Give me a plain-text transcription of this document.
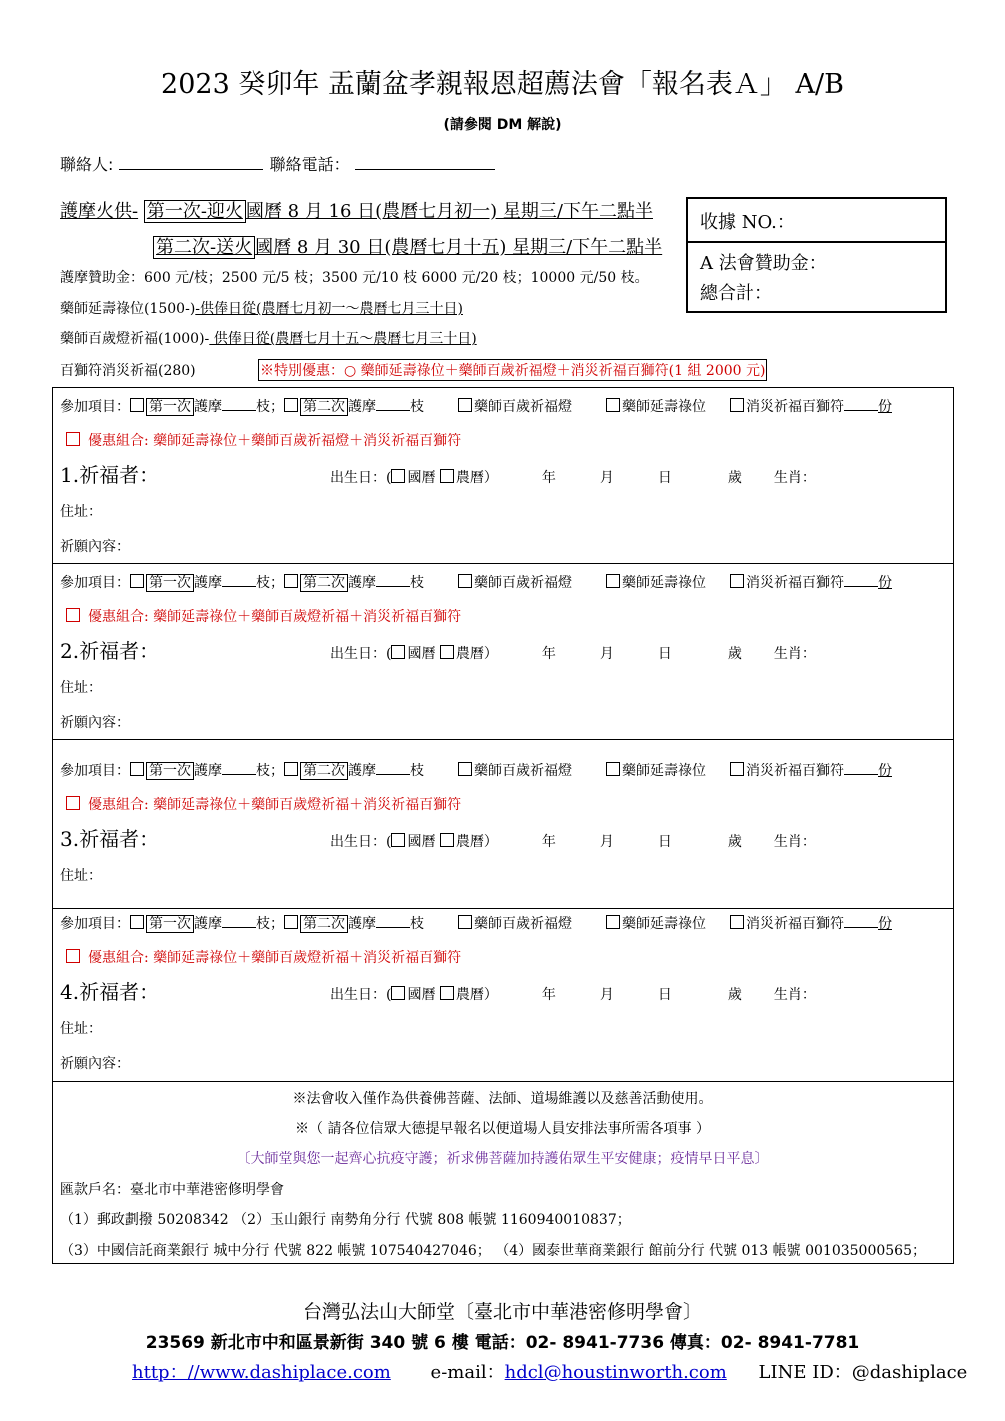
2023 癸卯年 盂蘭盆孝親報恩超薦法會「報名表Ａ」 A/B
(請參閱 DM 解說)
聯絡人:	聯絡電話：
護摩火供- 第一次-迎火 國曆 8 月 16 日(農曆七月初一) 星期三/下午二點半
第二次-送火 國曆 8 月 30 日(農曆七月十五) 星期三/下午二點半
護摩贊助金：600 元/枝；2500 元/5 枝；3500 元/10 枝 6000 元/20 枝；10000 元/50 枝。
藥師延壽祿位(1500-)-供俸日從(農曆七月初一～農曆七月三十日)
藥師百歲燈祈福(1000)- 供俸日從(農曆七月十五～農曆七月三十日)
百獅符消災祈福(280)	※特別優惠：○ 藥師延壽祿位＋藥師百歲祈福燈＋消災祈福百獅符(1 組 2000 元)
收據 NO.：
A 法會贊助金：
總合計：
參加項目： 第一次 護摩 枝； 第二次 護摩 枝	藥師百歲祈福燈	藥師延壽祿位	消災祈福百獅符 份
優惠組合: 藥師延壽祿位＋藥師百歲祈福燈＋消災祈福百獅符
1.祈福者：	出生日：( 國曆 農曆）	年	月	日	歲 生肖：
住址：
祈願內容：
參加項目： 第一次 護摩 枝； 第二次 護摩 枝	藥師百歲祈福燈	藥師延壽祿位	消災祈福百獅符 份
優惠組合: 藥師延壽祿位＋藥師百歲燈祈福＋消災祈福百獅符
2.祈福者：	出生日：( 國曆 農曆）	年	月	日	歲 生肖：
住址：
祈願內容：
參加項目： 第一次 護摩 枝； 第二次 護摩 枝	藥師百歲祈福燈	藥師延壽祿位	消災祈福百獅符 份
優惠組合: 藥師延壽祿位＋藥師百歲燈祈福＋消災祈福百獅符
3.祈福者：	出生日：( 國曆 農曆）	年	月	日	歲 生肖：
住址：
參加項目： 第一次 護摩 枝； 第二次 護摩 枝	藥師百歲祈福燈	藥師延壽祿位	消災祈福百獅符 份
優惠組合: 藥師延壽祿位＋藥師百歲燈祈福＋消災祈福百獅符
4.祈福者：	出生日：( 國曆 農曆）	年	月	日	歲 生肖：
住址：
祈願內容：
※法會收入僅作為供養佛菩薩、法師、道場維護以及慈善活動使用。
※（ 請各位信眾大德提早報名以便道場人員安排法事所需各項事 ）
〔大師堂與您一起齊心抗疫守護；祈求佛菩薩加持護佑眾生平安健康；疫情早日平息〕
匯款戶名：臺北市中華港密修明學會
（1）郵政劃撥 50208342 （2）玉山銀行 南勢角分行 代號 808 帳號 1160940010837；
（3）中國信託商業銀行 城中分行 代號 822 帳號 107540427046； （4）國泰世華商業銀行 館前分行 代號 013 帳號 001035000565；
台灣弘法山大師堂〔臺北市中華港密修明學會〕
23569 新北市中和區景新街 340 號 6 樓 電話：02- 8941-7736 傳真：02- 8941-7781
http：//www.dashiplace.com e-mail：hdcl@houstinworth.com LINE ID：@dashiplace
